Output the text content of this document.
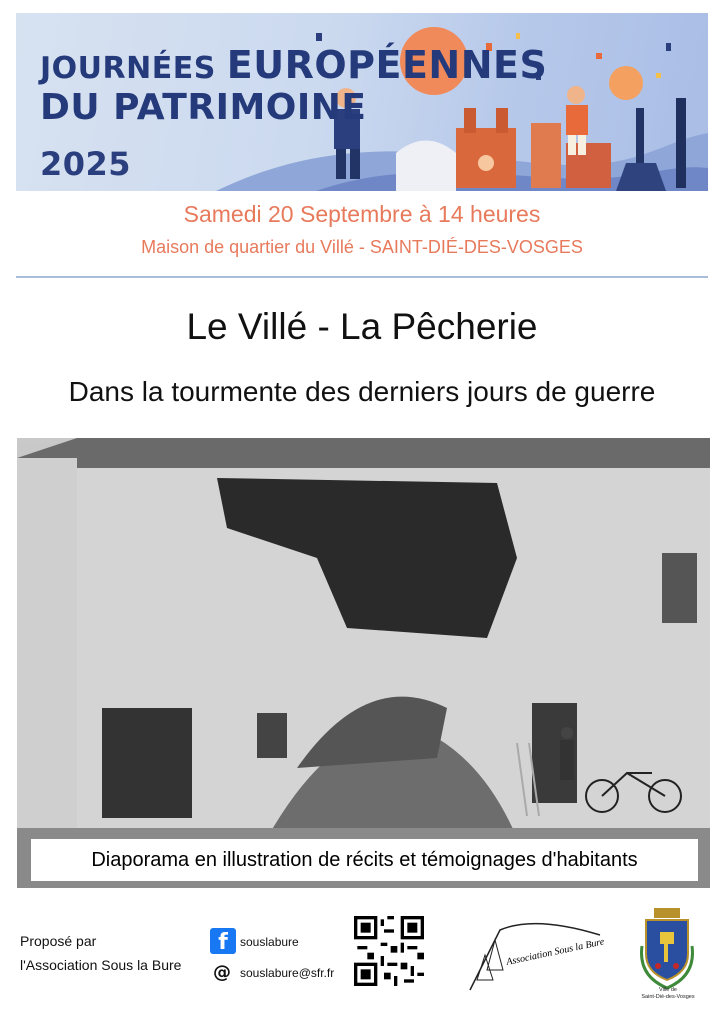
JOURNÉES EUROPÉENNES
DU PATRIMOINE
2025
Samedi 20 Septembre à 14 heures
Maison de quartier du Villé - SAINT-DIÉ-DES-VOSGES
Le Villé - La Pêcherie
Dans la tourmente des derniers jours de guerre
Diaporama en illustration de récits et témoignages d'habitants
Proposé par
l'Association Sous la Bure
f	souslabure
@ souslabure@sfr.fr
Association Sous la Bure
Ville de
Saint-Dié-des-Vosges
